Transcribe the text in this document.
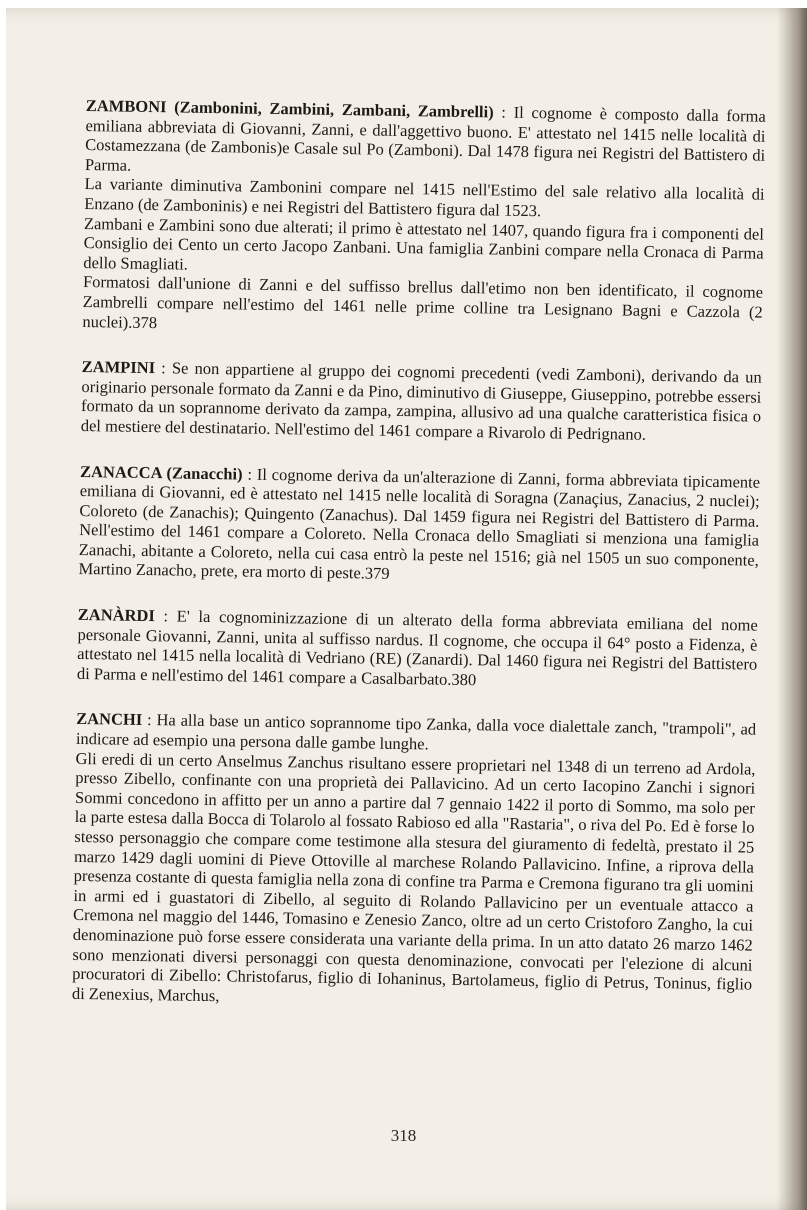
ZAMBONI (Zambonini, Zambini, Zambani, Zambrelli) : Il cognome è composto dalla forma emiliana abbreviata di Giovanni, Zanni, e dall'aggettivo buono. E' attestato nel 1415 nelle località di Costamezzana (de Zambonis)e Casale sul Po (Zamboni). Dal 1478 figura nei Registri del Battistero di Parma.

La variante diminutiva Zambonini compare nel 1415 nell'Estimo del sale relativo alla località di Enzano (de Zamboninis) e nei Registri del Battistero figura dal 1523.

Zambani e Zambini sono due alterati; il primo è attestato nel 1407, quando figura fra i componenti del Consiglio dei Cento un certo Jacopo Zanbani. Una famiglia Zanbini compare nella Cronaca di Parma dello Smagliati.

Formatosi dall'unione di Zanni e del suffisso brellus dall'etimo non ben identificato, il cognome Zambrelli compare nell'estimo del 1461 nelle prime colline tra Lesignano Bagni e Cazzola (2 nuclei).378

ZAMPINI : Se non appartiene al gruppo dei cognomi precedenti (vedi Zamboni), derivando da un originario personale formato da Zanni e da Pino, diminutivo di Giuseppe, Giuseppino, potrebbe essersi formato da un soprannome derivato da zampa, zampina, allusivo ad una qualche caratteristica fisica o del mestiere del destinatario. Nell'estimo del 1461 compare a Rivarolo di Pedrignano.

ZANACCA (Zanacchi) : Il cognome deriva da un'alterazione di Zanni, forma abbreviata tipicamente emiliana di Giovanni, ed è attestato nel 1415 nelle località di Soragna (Zanaçius, Zanacius, 2 nuclei); Coloreto (de Zanachis); Quingento (Zanachus). Dal 1459 figura nei Registri del Battistero di Parma. Nell'estimo del 1461 compare a Coloreto. Nella Cronaca dello Smagliati si menziona una famiglia Zanachi, abitante a Coloreto, nella cui casa entrò la peste nel 1516; già nel 1505 un suo componente, Martino Zanacho, prete, era morto di peste.379

ZANÀRDI : E' la cognominizzazione di un alterato della forma abbreviata emiliana del nome personale Giovanni, Zanni, unita al suffisso nardus. Il cognome, che occupa il 64° posto a Fidenza, è attestato nel 1415 nella località di Vedriano (RE) (Zanardi). Dal 1460 figura nei Registri del Battistero di Parma e nell'estimo del 1461 compare a Casalbarbato.380

ZANCHI : Ha alla base un antico soprannome tipo Zanka, dalla voce dialettale zanch, "trampoli", ad indicare ad esempio una persona dalle gambe lunghe.

Gli eredi di un certo Anselmus Zanchus risultano essere proprietari nel 1348 di un terreno ad Ardola, presso Zibello, confinante con una proprietà dei Pallavicino. Ad un certo Iacopino Zanchi i signori Sommi concedono in affitto per un anno a partire dal 7 gennaio 1422 il porto di Sommo, ma solo per la parte estesa dalla Bocca di Tolarolo al fossato Rabioso ed alla "Rastaria", o riva del Po. Ed è forse lo stesso personaggio che compare come testimone alla stesura del giuramento di fedeltà, prestato il 25 marzo 1429 dagli uomini di Pieve Ottoville al marchese Rolando Pallavicino. Infine, a riprova della presenza costante di questa famiglia nella zona di confine tra Parma e Cremona figurano tra gli uomini in armi ed i guastatori di Zibello, al seguito di Rolando Pallavicino per un eventuale attacco a Cremona nel maggio del 1446, Tomasino e Zenesio Zanco, oltre ad un certo Cristoforo Zangho, la cui denominazione può forse essere considerata una variante della prima. In un atto datato 26 marzo 1462 sono menzionati diversi personaggi con questa denominazione, convocati per l'elezione di alcuni procuratori di Zibello: Christofarus, figlio di Iohaninus, Bartolameus, figlio di Petrus, Toninus, figlio di Zenexius, Marchus,

318
